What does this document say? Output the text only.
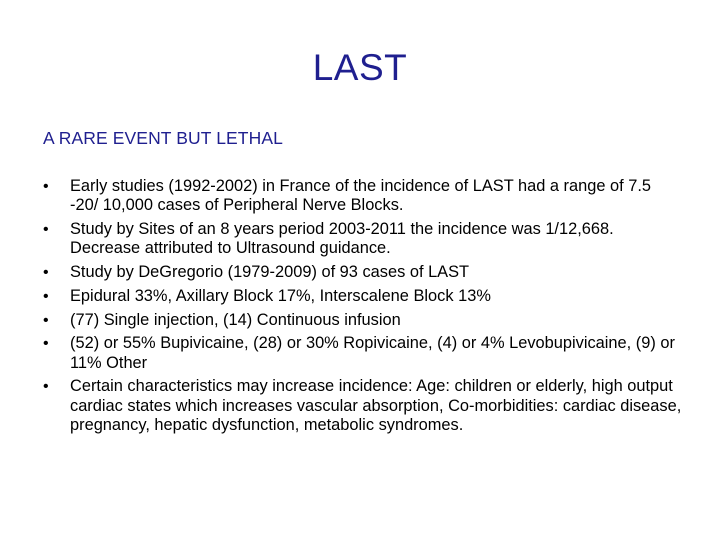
LAST
A RARE EVENT BUT LETHAL
•	Early studies (1992-2002) in France of the incidence of LAST had a range of 7.5 -20/ 10,000 cases of Peripheral Nerve Blocks.
•	Study by Sites of an 8 years period 2003-2011 the incidence was 1/12,668. Decrease attributed to Ultrasound guidance.
•	Study by DeGregorio (1979-2009) of 93 cases of LAST
•	Epidural 33%, Axillary Block 17%, Interscalene Block 13%
•	(77) Single injection, (14) Continuous infusion
•	(52) or 55% Bupivicaine, (28) or 30% Ropivicaine, (4) or 4% Levobupivicaine, (9) or 11% Other
•	Certain characteristics may increase incidence: Age: children or elderly, high output cardiac states which increases vascular absorption, Co-morbidities: cardiac disease, pregnancy, hepatic dysfunction, metabolic syndromes.
